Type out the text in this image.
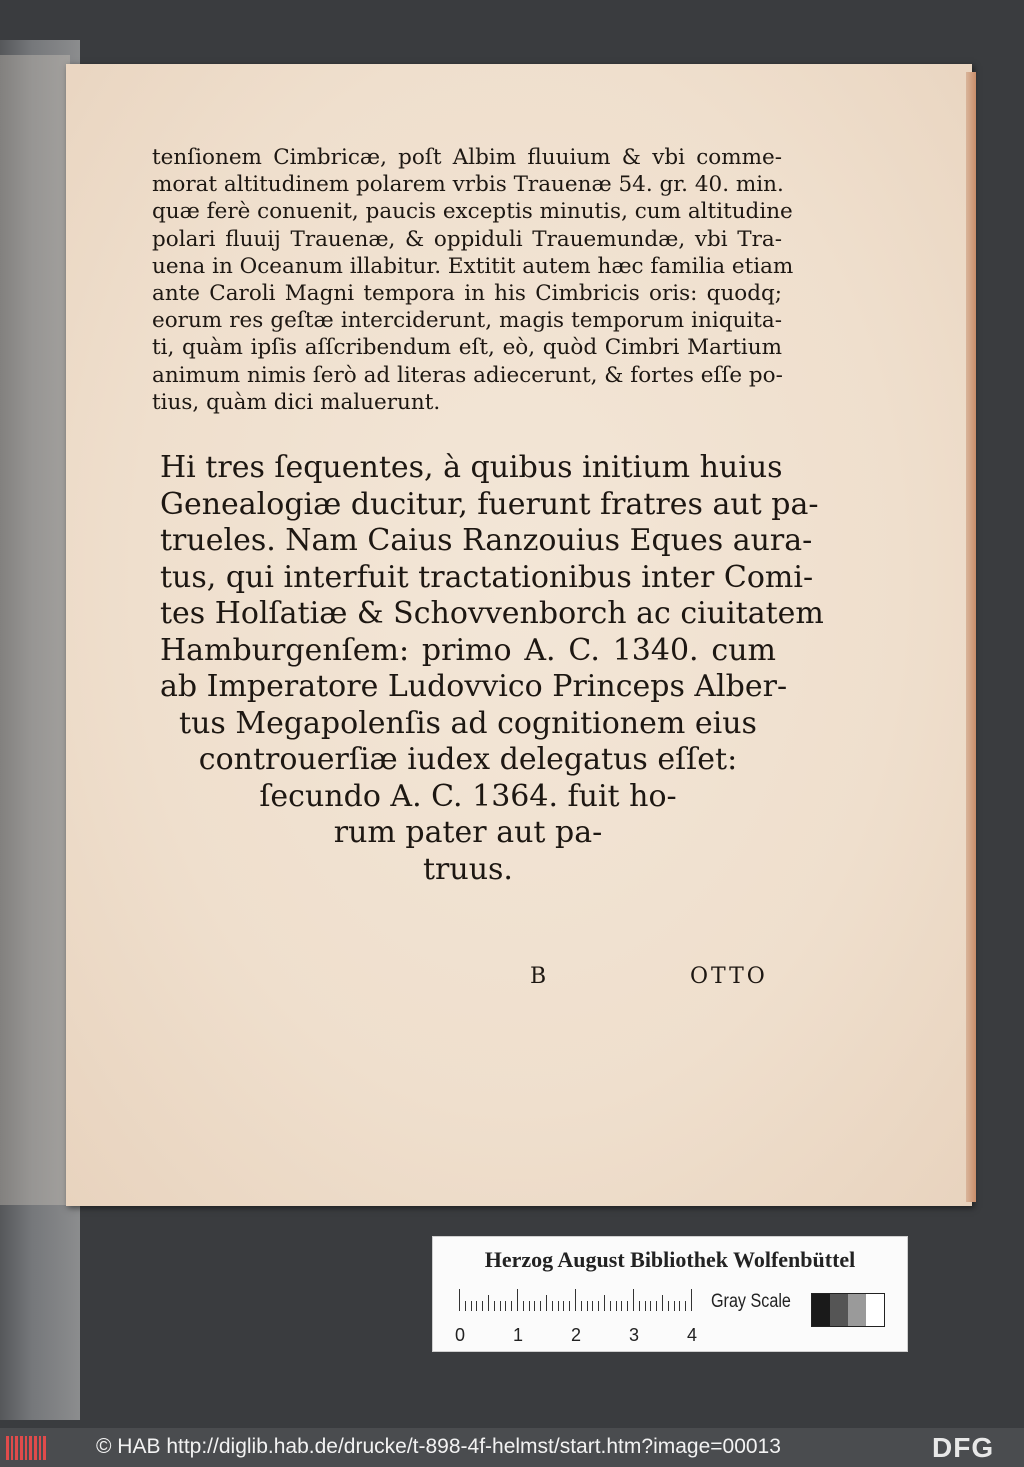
tenſionem Cimbricæ, poſt Albim fluuium & vbi comme-
morat altitudinem polarem vrbis Trauenæ 54. gr. 40. min.
quæ ferè conuenit, paucis exceptis minutis, cum altitudine
polari fluuij Trauenæ, & oppiduli Trauemundæ, vbi Tra-
uena in Oceanum illabitur. Extitit autem hæc familia etiam
ante Caroli Magni tempora in his Cimbricis oris: quodq;
eorum res geſtæ interciderunt, magis temporum iniquita-
ti, quàm ipſis aſſcribendum eſt, eò, quòd Cimbri Martium
animum nimis ſerò ad literas adiecerunt, & fortes eſſe po-
tius, quàm dici maluerunt.
Hi tres ſequentes, à quibus initium huius
Genealogiæ ducitur, fuerunt fratres aut pa-
trueles. Nam Caius Ranzouius Eques aura-
tus, qui interfuit tractationibus inter Comi-
tes Holſatiæ & Schovvenborch ac ciuitatem
Hamburgenſem: primo A. C. 1340. cum
ab Imperatore Ludovvico Princeps Alber-
tus Megapolenſis ad cognitionem eius
controuerſiæ iudex delegatus eſſet:
ſecundo A. C. 1364. fuit ho-
rum pater aut pa-
truus.
B	OTTO
Herzog August Bibliothek Wolfenbüttel
0	1	2	3	4
Gray Scale
© HAB http://diglib.hab.de/drucke/t-898-4f-helmst/start.htm?image=00013	DFG
